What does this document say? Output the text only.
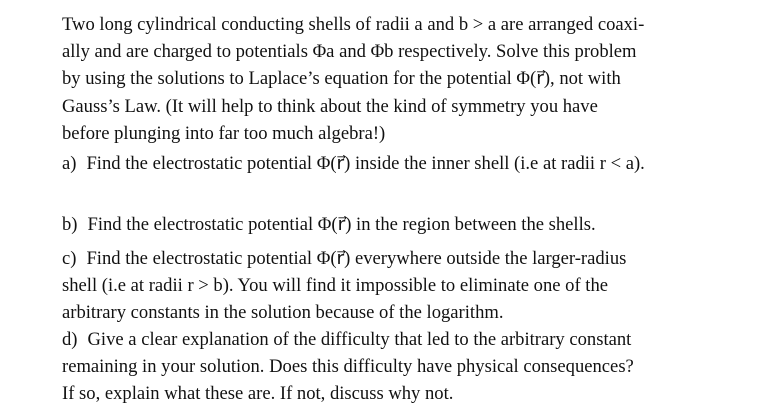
Two long cylindrical conducting shells of radii a and b > a are arranged coaxi-
ally and are charged to potentials Φa and Φb respectively. Solve this problem
by using the solutions to Laplace’s equation for the potential Φ(r⃗), not with
Gauss’s Law. (It will help to think about the kind of symmetry you have
before plunging into far too much algebra!)
a) Find the electrostatic potential Φ(r⃗) inside the inner shell (i.e at radii r < a).
b) Find the electrostatic potential Φ(r⃗) in the region between the shells.
c) Find the electrostatic potential Φ(r⃗) everywhere outside the larger-radius
shell (i.e at radii r > b). You will find it impossible to eliminate one of the
arbitrary constants in the solution because of the logarithm.
d) Give a clear explanation of the difficulty that led to the arbitrary constant
remaining in your solution. Does this difficulty have physical consequences?
If so, explain what these are. If not, discuss why not.
